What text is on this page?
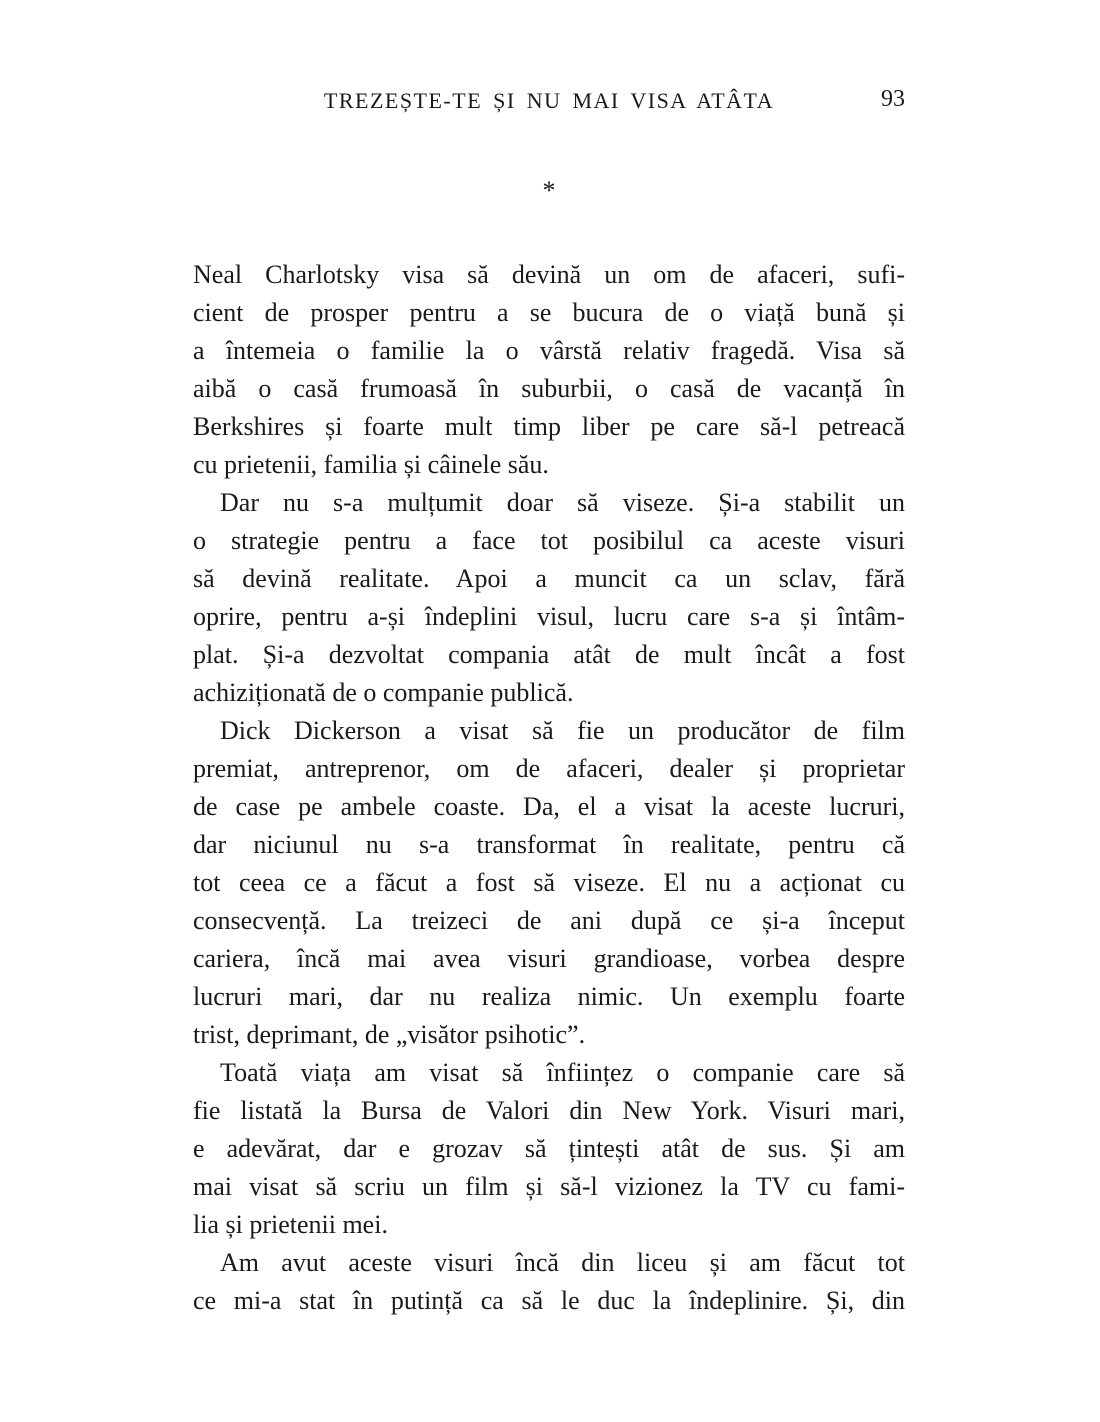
TREZEȘTE-TE ȘI NU MAI VISA ATÂTA	93
*
Neal Charlotsky visa să devină un om de afaceri, sufi-
cient de prosper pentru a se bucura de o viață bună și
a întemeia o familie la o vârstă relativ fragedă. Visa să
aibă o casă frumoasă în suburbii, o casă de vacanță în
Berkshires și foarte mult timp liber pe care să-l petreacă
cu prietenii, familia și câinele său.
Dar nu s-a mulțumit doar să viseze. Și-a stabilit un
o strategie pentru a face tot posibilul ca aceste visuri
să devină realitate. Apoi a muncit ca un sclav, fără
oprire, pentru a-și îndeplini visul, lucru care s-a și întâm-
plat. Și-a dezvoltat compania atât de mult încât a fost
achiziționată de o companie publică.
Dick Dickerson a visat să fie un producător de film
premiat, antreprenor, om de afaceri, dealer și proprietar
de case pe ambele coaste. Da, el a visat la aceste lucruri,
dar niciunul nu s-a transformat în realitate, pentru că
tot ceea ce a făcut a fost să viseze. El nu a acționat cu
consecvență. La treizeci de ani după ce și-a început
cariera, încă mai avea visuri grandioase, vorbea despre
lucruri mari, dar nu realiza nimic. Un exemplu foarte
trist, deprimant, de „visător psihotic”.
Toată viața am visat să înființez o companie care să
fie listată la Bursa de Valori din New York. Visuri mari,
e adevărat, dar e grozav să țintești atât de sus. Și am
mai visat să scriu un film și să-l vizionez la TV cu fami-
lia și prietenii mei.
Am avut aceste visuri încă din liceu și am făcut tot
ce mi-a stat în putință ca să le duc la îndeplinire. Și, din
